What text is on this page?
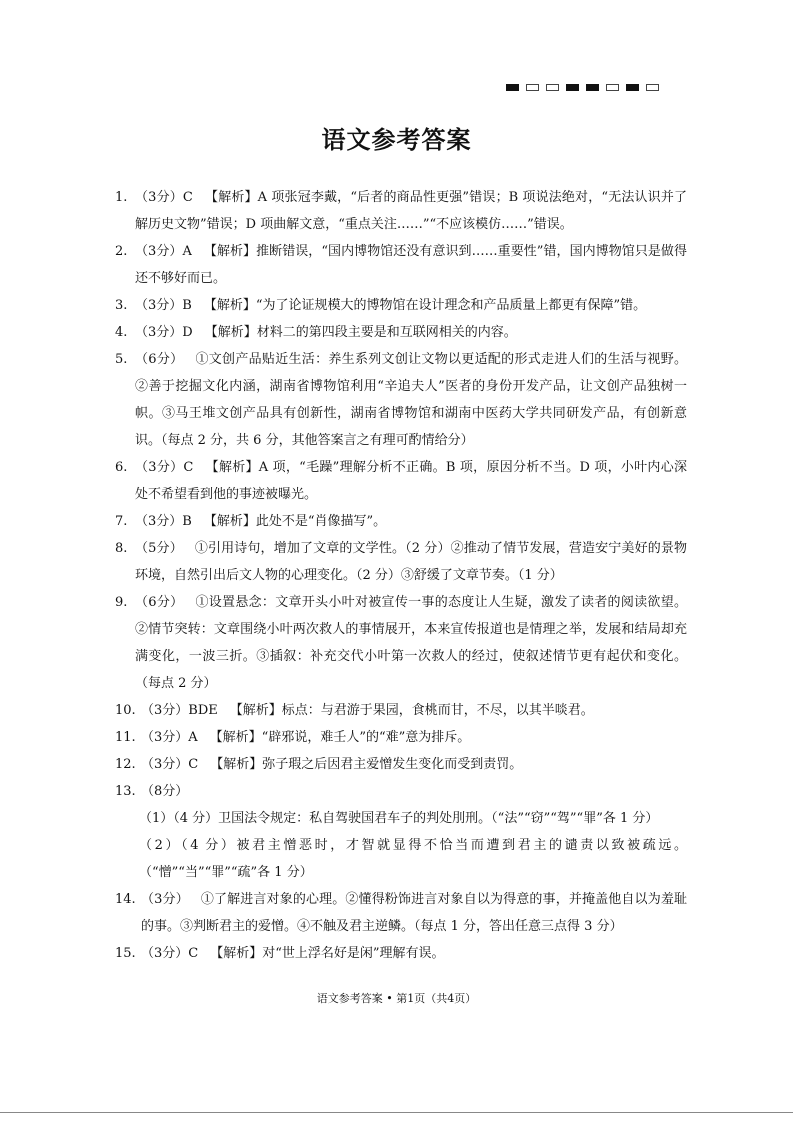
语文参考答案
1. （3分）C 【解析】A 项张冠李戴，“后者的商品性更强”错误；B 项说法绝对，“无法认识并了解历史文物”错误；D 项曲解文意，“重点关注……”“不应该模仿……”错误。
2. （3分）A 【解析】推断错误，“国内博物馆还没有意识到……重要性”错，国内博物馆只是做得还不够好而已。
3. （3分）B 【解析】“为了论证规模大的博物馆在设计理念和产品质量上都更有保障”错。
4. （3分）D 【解析】材料二的第四段主要是和互联网相关的内容。
5. （6分） ①文创产品贴近生活：养生系列文创让文物以更适配的形式走进人们的生活与视野。②善于挖掘文化内涵，湖南省博物馆利用“辛追夫人”医者的身份开发产品，让文创产品独树一帜。③马王堆文创产品具有创新性，湖南省博物馆和湖南中医药大学共同研发产品，有创新意识。（每点 2 分，共 6 分，其他答案言之有理可酌情给分）
6. （3分）C 【解析】A 项，“毛躁”理解分析不正确。B 项，原因分析不当。D 项，小叶内心深处不希望看到他的事迹被曝光。
7. （3分）B 【解析】此处不是“肖像描写”。
8. （5分） ①引用诗句，增加了文章的文学性。（2 分）②推动了情节发展，营造安宁美好的景物环境，自然引出后文人物的心理变化。（2 分）③舒缓了文章节奏。（1 分）
9. （6分） ①设置悬念：文章开头小叶对被宣传一事的态度让人生疑，激发了读者的阅读欲望。②情节突转：文章围绕小叶两次救人的事情展开，本来宣传报道也是情理之举，发展和结局却充满变化，一波三折。③插叙：补充交代小叶第一次救人的经过，使叙述情节更有起伏和变化。（每点 2 分）
10. （3分）BDE 【解析】标点：与君游于果园，食桃而甘，不尽，以其半啖君。
11. （3分）A 【解析】“辟邪说，难壬人”的“难”意为排斥。
12. （3分）C 【解析】弥子瑕之后因君主爱憎发生变化而受到责罚。
13. （8分）
（1）（4 分）卫国法令规定：私自驾驶国君车子的判处刖刑。（“法”“窃”“驾”“罪”各 1 分）
（2）（4 分）被君主憎恶时，才智就显得不恰当而遭到君主的谴责以致被疏远。（“憎”“当”“罪”“疏”各 1 分）
14. （3分） ①了解进言对象的心理。②懂得粉饰进言对象自以为得意的事，并掩盖他自以为羞耻的事。③判断君主的爱憎。④不触及君主逆鳞。（每点 1 分，答出任意三点得 3 分）
15. （3分）C 【解析】对“世上浮名好是闲”理解有误。
语文参考答案 • 第1页（共4页）
